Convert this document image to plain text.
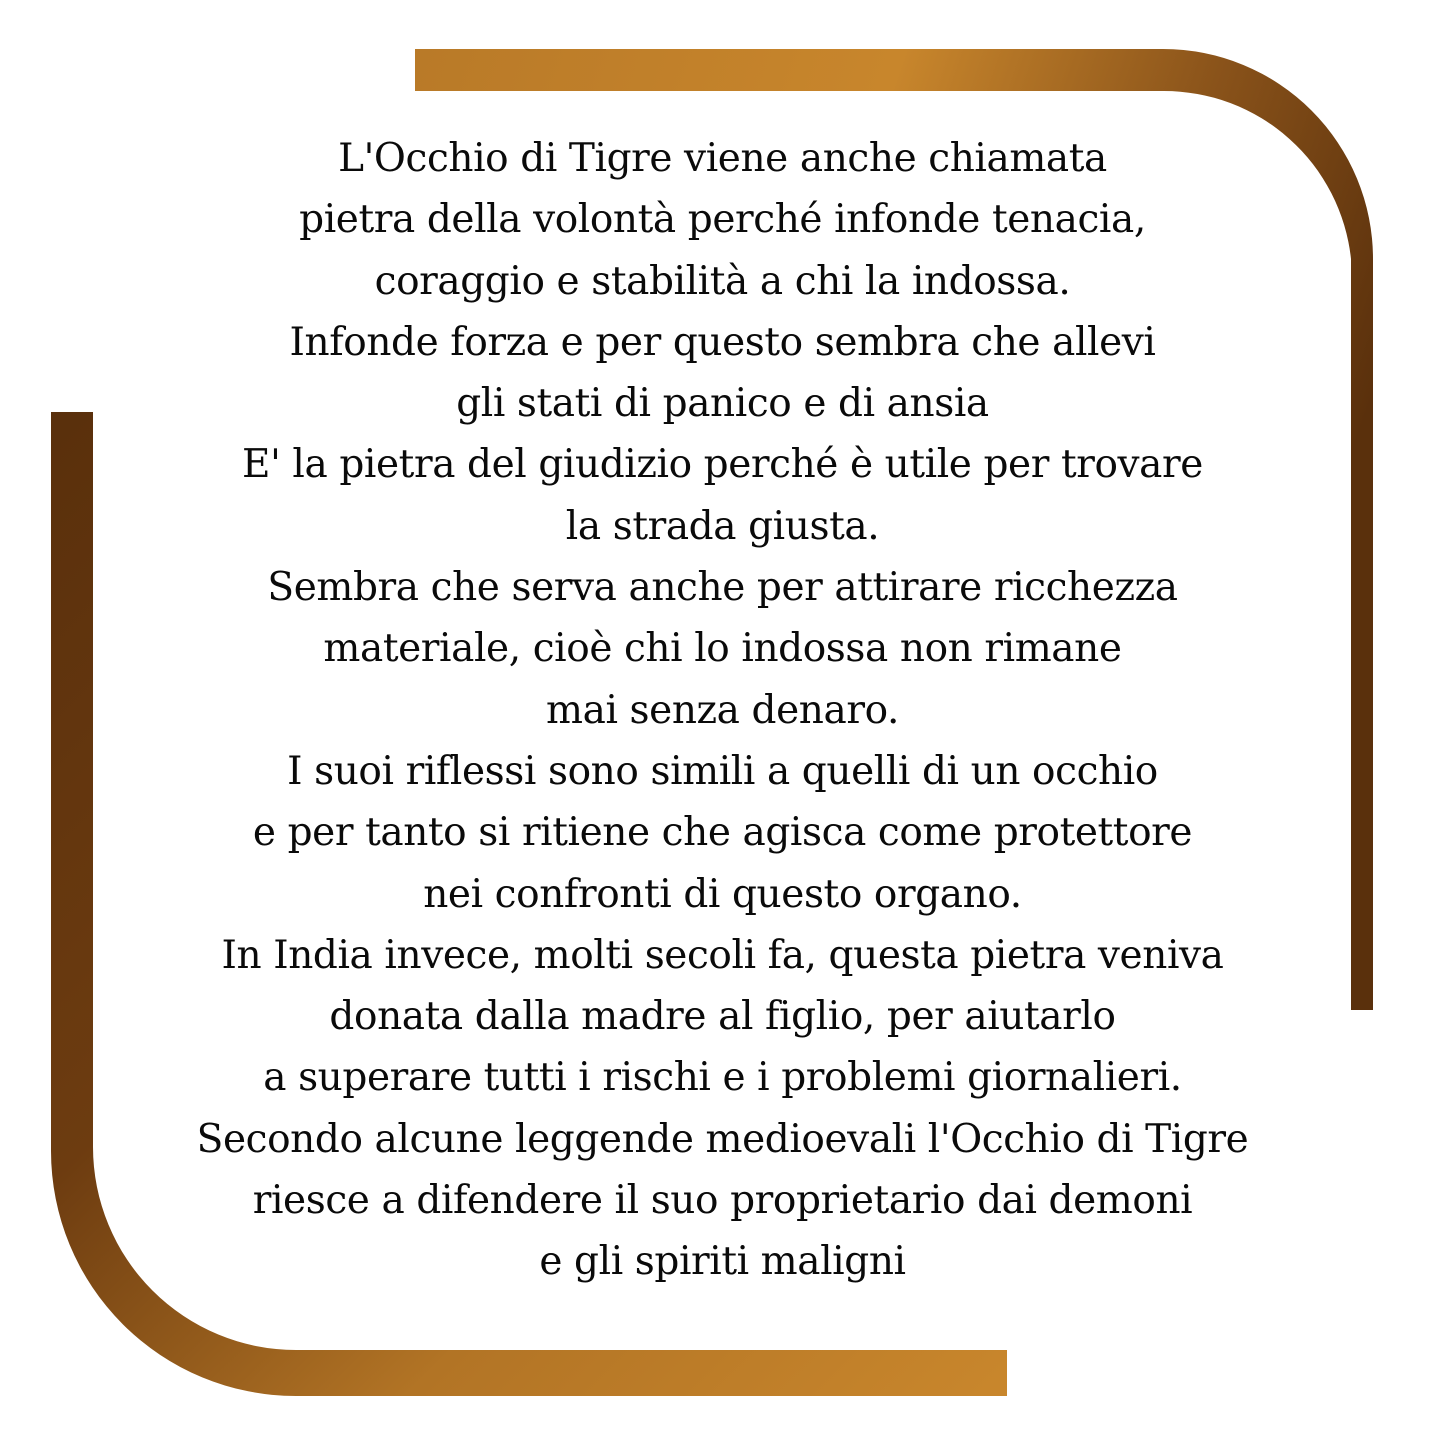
L'Occhio di Tigre viene anche chiamata
pietra della volontà perché infonde tenacia,
coraggio e stabilità a chi la indossa.
Infonde forza e per questo sembra che allevi
gli stati di panico e di ansia
E' la pietra del giudizio perché è utile per trovare
la strada giusta.
Sembra che serva anche per attirare ricchezza
materiale, cioè chi lo indossa non rimane
mai senza denaro.
I suoi riflessi sono simili a quelli di un occhio
e per tanto si ritiene che agisca come protettore
nei confronti di questo organo.
In India invece, molti secoli fa, questa pietra veniva
donata dalla madre al figlio, per aiutarlo
a superare tutti i rischi e i problemi giornalieri.
Secondo alcune leggende medioevali l'Occhio di Tigre
riesce a difendere il suo proprietario dai demoni
e gli spiriti maligni
